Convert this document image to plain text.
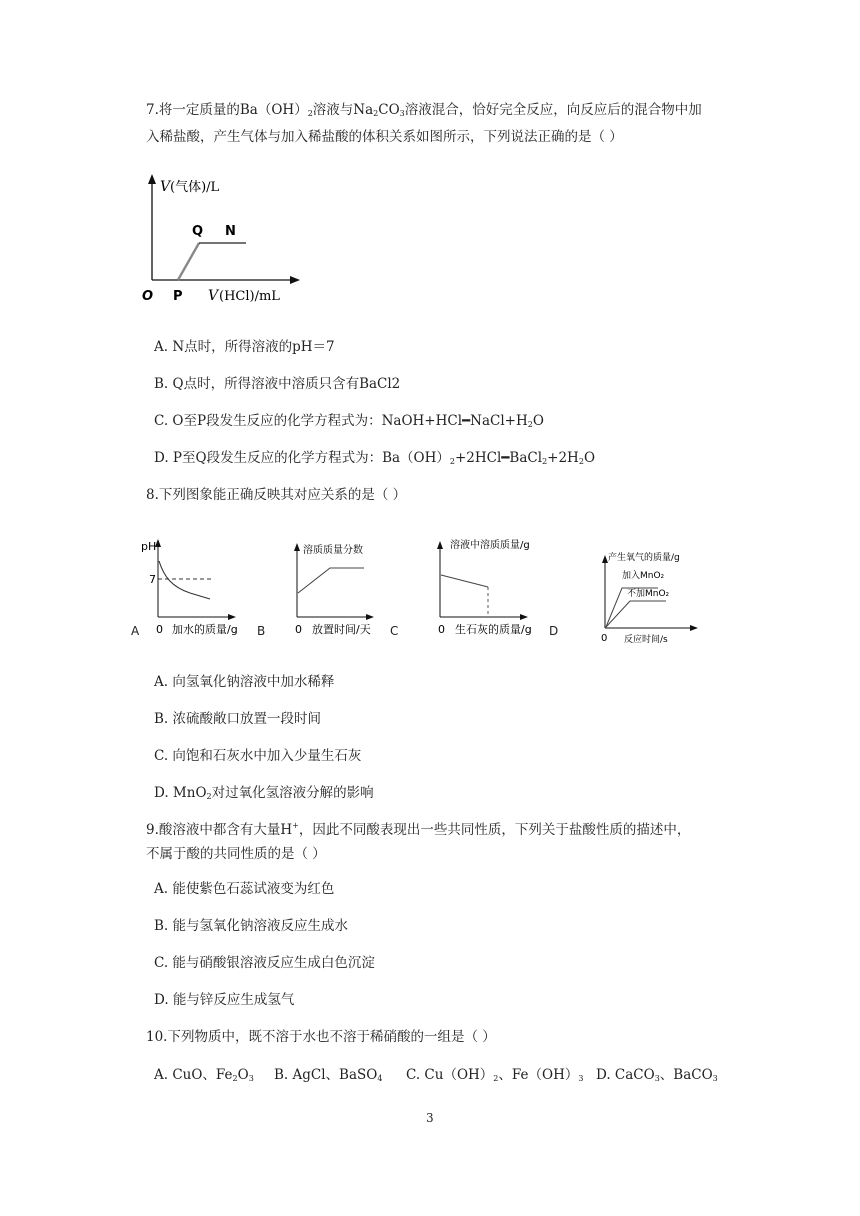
7.将一定质量的$Ba(OH)_2$溶液与$Na_2CO_3$溶液混合，恰好完全反应，向反应后的混合物中加
入稀盐酸，产生气体与加入稀盐酸的体积关系如图所示，下列说法正确的是（ ）
V (气体)/L
Q N
O P V (HCl)/mL
A. N点时，所得溶液的pH＝7
B. Q点时，所得溶液中溶质只含有BaCl2
C. O至P段发生反应的化学方程式为：$NaOH+HCl━NaCl+H_2O$
D. P至Q段发生反应的化学方程式为：$Ba(OH)_2+2HCl━BaCl_2+2H_2O$
8.下列图象能正确反映其对应关系的是（ ）
pH
7
0 加水的质量/g
A
溶质质量分数
0 放置时间/天
B
溶液中溶质质量/g
0 生石灰的质量/g
C
产生氧气的质量/g
加入MnO₂
不加MnO₂
0 反应时间/s
D
A. 向氢氧化钠溶液中加水稀释
B. 浓硫酸敞口放置一段时间
C. 向饱和石灰水中加入少量生石灰
D. MnO$_2$对过氧化氢溶液分解的影响
9.酸溶液中都含有大量H+，因此不同酸表现出一些共同性质，下列关于盐酸性质的描述中，
不属于酸的共同性质的是（ ）
A. 能使紫色石蕊试液变为红色
B. 能与氢氧化钠溶液反应生成水
C. 能与硝酸银溶液反应生成白色沉淀
D. 能与锌反应生成氢气
10.下列物质中，既不溶于水也不溶于稀硝酸的一组是（ ）
A. CuO、$Fe_2O_3$ B. AgCl、BaSO$_4$ C. $Cu(OH)_2$、$Fe(OH)_3$ D. CaCO$_3$、BaCO$_3$
3
